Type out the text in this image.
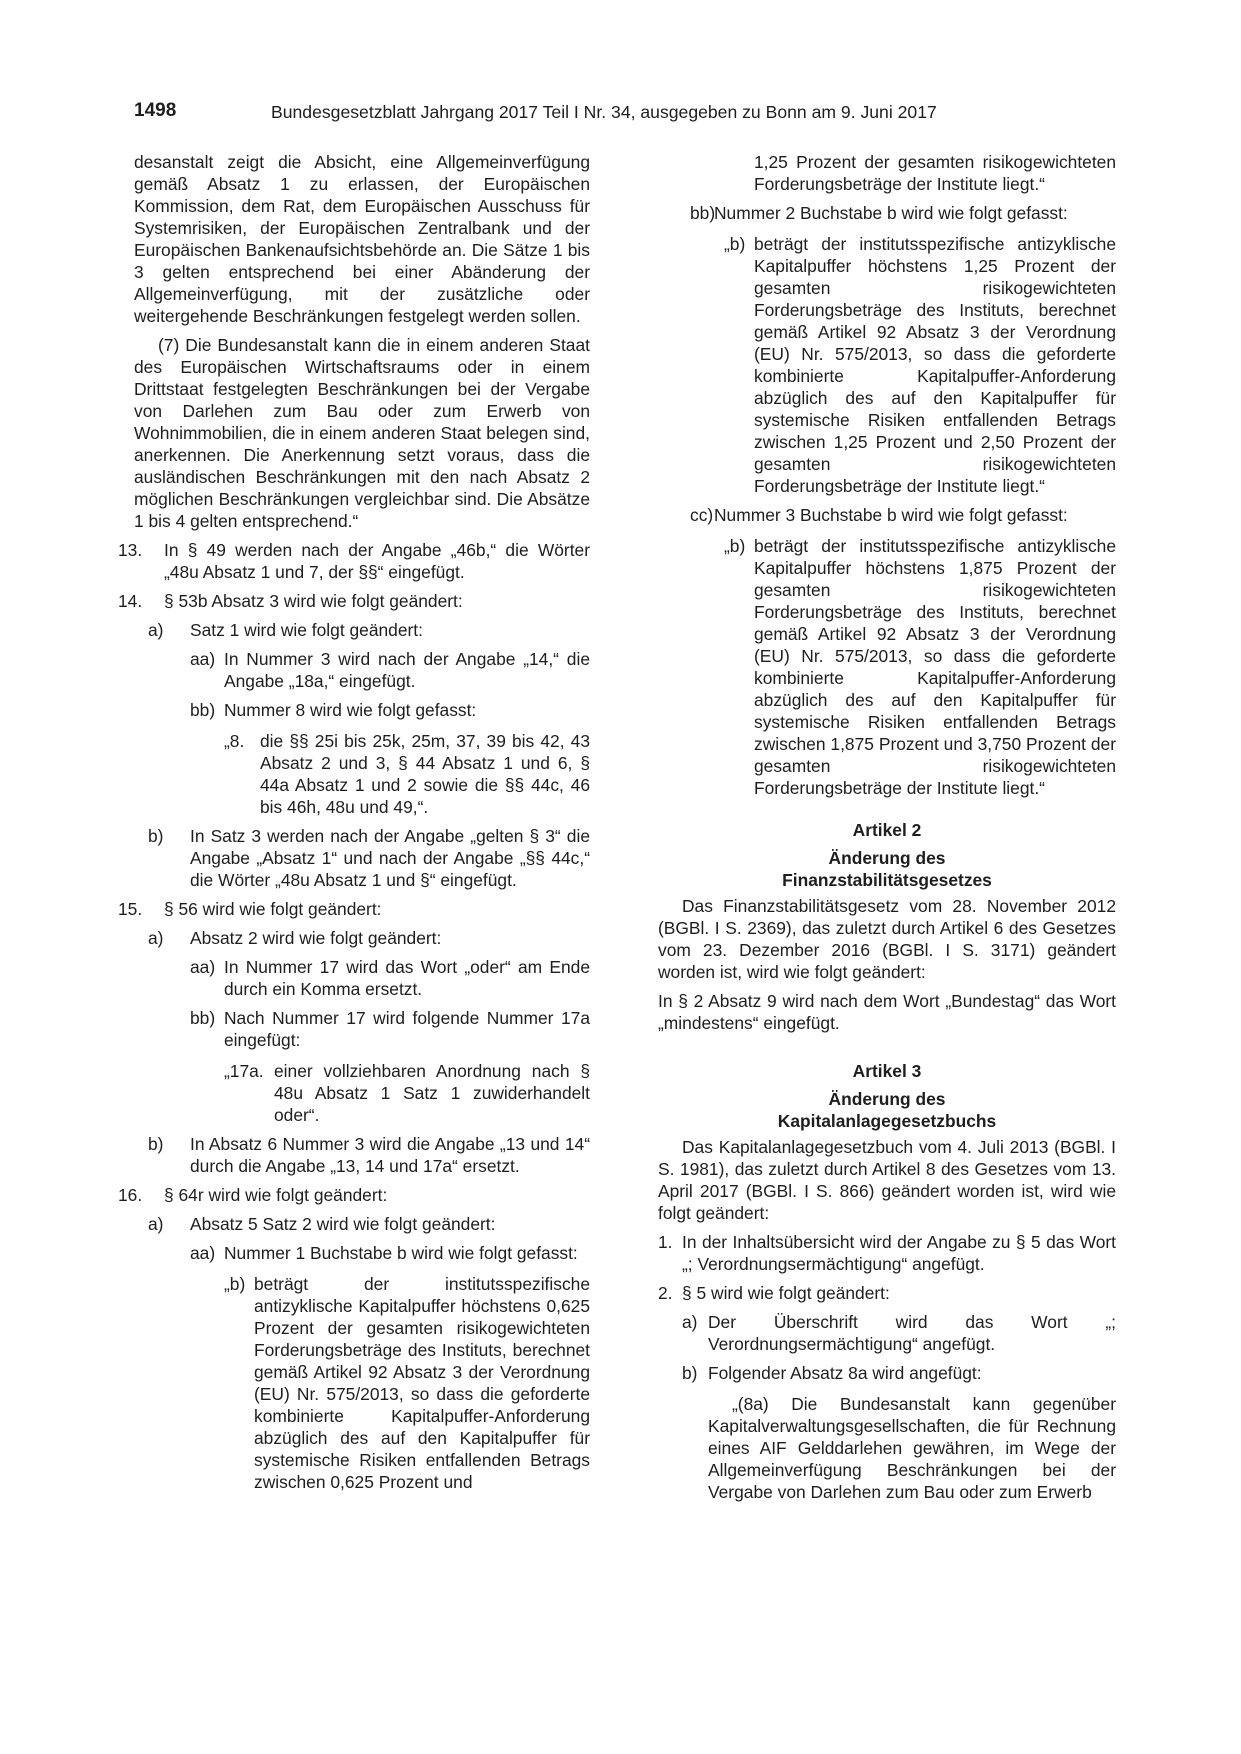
1498	Bundesgesetzblatt Jahrgang 2017 Teil I Nr. 34, ausgegeben zu Bonn am 9. Juni 2017

desanstalt zeigt die Absicht, eine Allgemeinverfügung gemäß Absatz 1 zu erlassen, der Europäischen Kommission, dem Rat, dem Europäischen Ausschuss für Systemrisiken, der Europäischen Zentralbank und der Europäischen Bankenaufsichtsbehörde an. Die Sätze 1 bis 3 gelten entsprechend bei einer Abänderung der Allgemeinverfügung, mit der zusätzliche oder weitergehende Beschränkungen festgelegt werden sollen.

(7) Die Bundesanstalt kann die in einem anderen Staat des Europäischen Wirtschaftsraums oder in einem Drittstaat festgelegten Beschränkungen bei der Vergabe von Darlehen zum Bau oder zum Erwerb von Wohnimmobilien, die in einem anderen Staat belegen sind, anerkennen. Die Anerkennung setzt voraus, dass die ausländischen Beschränkungen mit den nach Absatz 2 möglichen Beschränkungen vergleichbar sind. Die Absätze 1 bis 4 gelten entsprechend.“

13. In § 49 werden nach der Angabe „46b,“ die Wörter „48u Absatz 1 und 7, der §§“ eingefügt.

14. § 53b Absatz 3 wird wie folgt geändert:

a) Satz 1 wird wie folgt geändert:

aa) In Nummer 3 wird nach der Angabe „14,“ die Angabe „18a,“ eingefügt.

bb) Nummer 8 wird wie folgt gefasst:

„8. die §§ 25i bis 25k, 25m, 37, 39 bis 42, 43 Absatz 2 und 3, § 44 Absatz 1 und 6, § 44a Absatz 1 und 2 sowie die §§ 44c, 46 bis 46h, 48u und 49,“.

b) In Satz 3 werden nach der Angabe „gelten § 3“ die Angabe „Absatz 1“ und nach der Angabe „§§ 44c,“ die Wörter „48u Absatz 1 und §“ eingefügt.

15. § 56 wird wie folgt geändert:

a) Absatz 2 wird wie folgt geändert:

aa) In Nummer 17 wird das Wort „oder“ am Ende durch ein Komma ersetzt.

bb) Nach Nummer 17 wird folgende Nummer 17a eingefügt:

„17a. einer vollziehbaren Anordnung nach § 48u Absatz 1 Satz 1 zuwiderhandelt oder“.

b) In Absatz 6 Nummer 3 wird die Angabe „13 und 14“ durch die Angabe „13, 14 und 17a“ ersetzt.

16. § 64r wird wie folgt geändert:

a) Absatz 5 Satz 2 wird wie folgt geändert:

aa) Nummer 1 Buchstabe b wird wie folgt gefasst:

„b) beträgt der institutsspezifische antizyklische Kapitalpuffer höchstens 0,625 Prozent der gesamten risikogewichteten Forderungsbeträge des Instituts, berechnet gemäß Artikel 92 Absatz 3 der Verordnung (EU) Nr. 575/2013, so dass die geforderte kombinierte Kapitalpuffer-Anforderung abzüglich des auf den Kapitalpuffer für systemische Risiken entfallenden Betrags zwischen 0,625 Prozent und

1,25 Prozent der gesamten risikogewichteten Forderungsbeträge der Institute liegt.“

bb)

Nummer 2 Buchstabe b wird wie folgt gefasst:

„b) beträgt der institutsspezifische antizyklische Kapitalpuffer höchstens 1,25 Prozent der gesamten risikogewichteten Forderungsbeträge des Instituts, berechnet gemäß Artikel 92 Absatz 3 der Verordnung (EU) Nr. 575/2013, so dass die geforderte kombinierte Kapitalpuffer-Anforderung abzüglich des auf den Kapitalpuffer für systemische Risiken entfallenden Betrags zwischen 1,25 Prozent und 2,50 Prozent der gesamten risikogewichteten Forderungsbeträge der Institute liegt.“

cc) Nummer 3 Buchstabe b wird wie folgt gefasst:

„b) beträgt der institutsspezifische antizyklische Kapitalpuffer höchstens 1,875 Prozent der gesamten risikogewichteten Forderungsbeträge des Instituts, berechnet gemäß Artikel 92 Absatz 3 der Verordnung (EU) Nr. 575/2013, so dass die geforderte kombinierte Kapitalpuffer-Anforderung abzüglich des auf den Kapitalpuffer für systemische Risiken entfallenden Betrags zwischen 1,875 Prozent und 3,750 Prozent der gesamten risikogewichteten Forderungsbeträge der Institute liegt.“

Artikel 2

Änderung des

Finanzstabilitätsgesetzes

Das Finanzstabilitätsgesetz vom 28. November 2012 (BGBl. I S. 2369), das zuletzt durch Artikel 6 des Gesetzes vom 23. Dezember 2016 (BGBl. I S. 3171) geändert worden ist, wird wie folgt geändert:

In § 2 Absatz 9 wird nach dem Wort „Bundestag“ das Wort „mindestens“ eingefügt.

Artikel 3

Änderung des

Kapitalanlagegesetzbuchs

Das Kapitalanlagegesetzbuch vom 4. Juli 2013 (BGBl. I S. 1981), das zuletzt durch Artikel 8 des Gesetzes vom 13. April 2017 (BGBl. I S. 866) geändert worden ist, wird wie folgt geändert:

1. In der Inhaltsübersicht wird der Angabe zu § 5 das Wort „; Verordnungsermächtigung“ angefügt.

2. § 5 wird wie folgt geändert:

a) Der Überschrift wird das Wort „; Verordnungsermächtigung“ angefügt.

b) Folgender Absatz 8a wird angefügt:

„(8a) Die Bundesanstalt kann gegenüber Kapitalverwaltungsgesellschaften, die für Rechnung eines AIF Gelddarlehen gewähren, im Wege der Allgemeinverfügung Beschränkungen bei der Vergabe von Darlehen zum Bau oder zum Erwerb
